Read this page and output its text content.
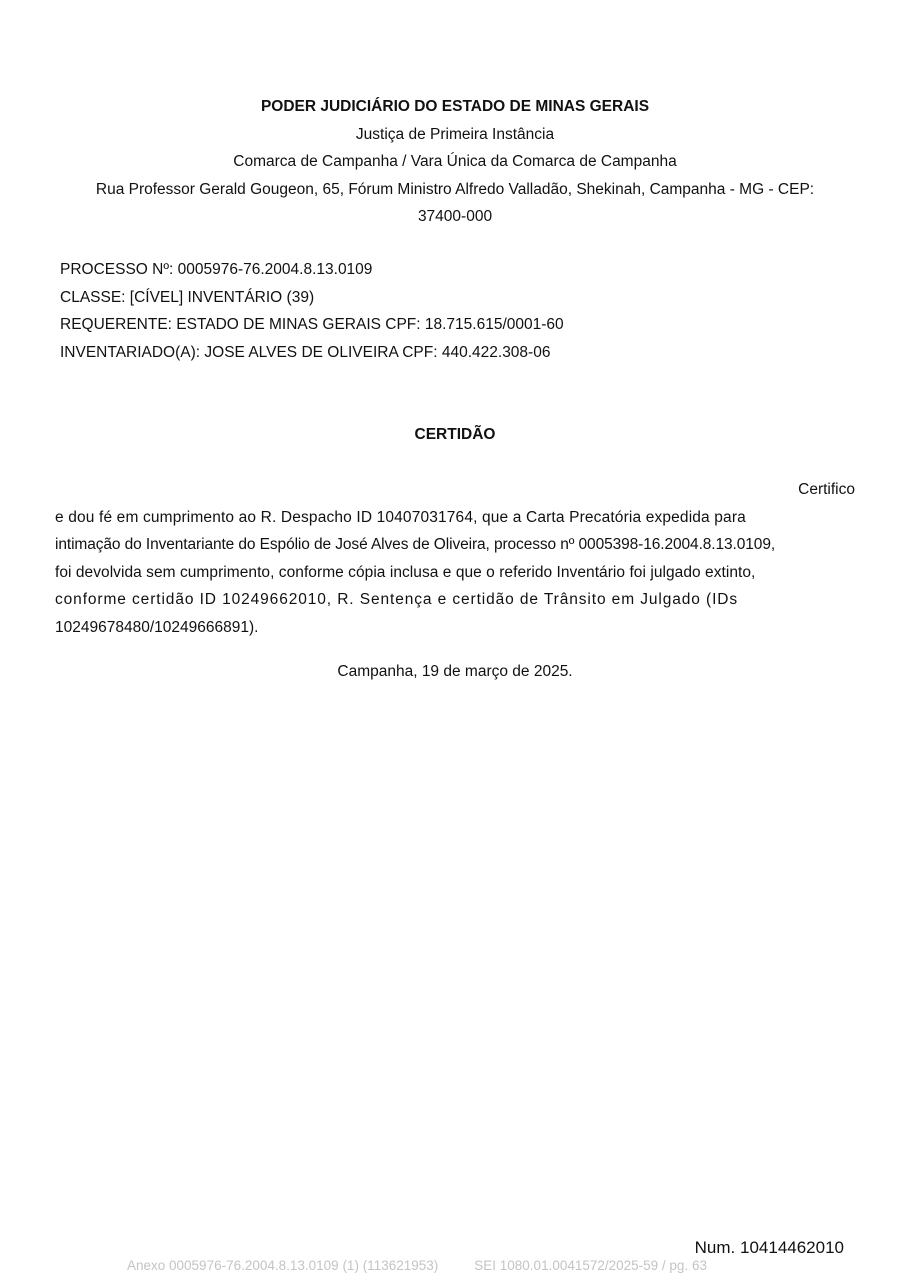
PODER JUDICIÁRIO DO ESTADO DE MINAS GERAIS
Justiça de Primeira Instância
Comarca de Campanha / Vara Única da Comarca de Campanha
Rua Professor Gerald Gougeon, 65, Fórum Ministro Alfredo Valladão, Shekinah, Campanha - MG - CEP:
37400-000
PROCESSO Nº: 0005976-76.2004.8.13.0109
CLASSE: [CÍVEL] INVENTÁRIO (39)
REQUERENTE: ESTADO DE MINAS GERAIS CPF: 18.715.615/0001-60
INVENTARIADO(A): JOSE ALVES DE OLIVEIRA CPF: 440.422.308-06
CERTIDÃO
Certifico
e dou fé em cumprimento ao R. Despacho ID 10407031764, que a Carta Precatória expedida para
intimação do Inventariante do Espólio de José Alves de Oliveira, processo nº 0005398-16.2004.8.13.0109,
foi devolvida sem cumprimento, conforme cópia inclusa e que o referido Inventário foi julgado extinto,
conforme certidão ID 10249662010, R. Sentença e certidão de Trânsito em Julgado (IDs
10249678480/10249666891).
Campanha, 19 de março de 2025.
Num. 10414462010
Anexo 0005976-76.2004.8.13.0109 (1) (113621953)	SEI 1080.01.0041572/2025-59 / pg. 63
